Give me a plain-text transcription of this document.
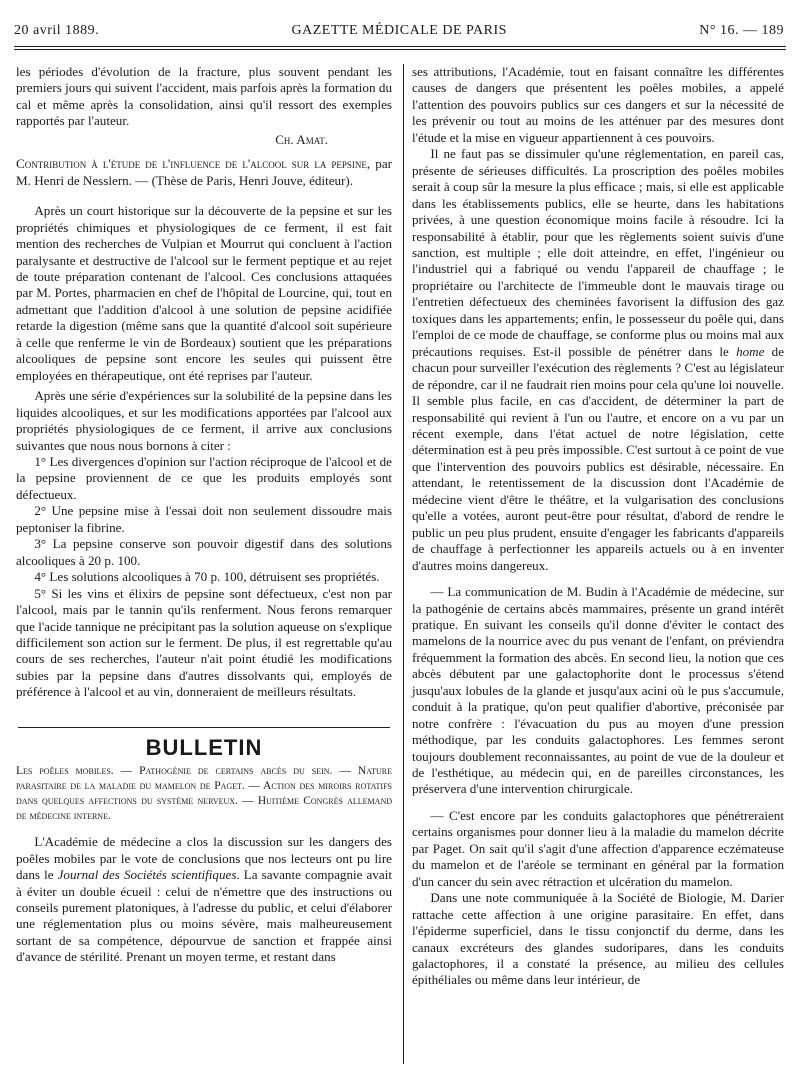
20 avril 1889.	GAZETTE MÉDICALE DE PARIS	N° 16. — 189

les périodes d'évolution de la fracture, plus souvent pendant les premiers jours qui suivent l'accident, mais parfois après la formation du cal et même après la consolidation, ainsi qu'il ressort des exemples rapportés par l'auteur.

Ch. Amat.

Contribution à l'étude de l'influence de l'alcool sur la pepsine, par M. Henri de Nesslern. — (Thèse de Paris, Henri Jouve, éditeur).

Après un court historique sur la découverte de la pepsine et sur les propriétés chimiques et physiologiques de ce ferment, il est fait mention des recherches de Vulpian et Mourrut qui concluent à l'action paralysante et destructive de l'alcool sur le ferment peptique et au rejet de toute préparation contenant de l'alcool. Ces conclusions attaquées par M. Portes, pharmacien en chef de l'hôpital de Lourcine, qui, tout en admettant que l'addition d'alcool à une solution de pepsine acidifiée retarde la digestion (même sans que la quantité d'alcool soit supérieure à celle que renferme le vin de Bordeaux) soutient que les préparations alcooliques de pepsine sont encore les seules qui puissent être employées en thérapeutique, ont été reprises par l'auteur.

Après une série d'expériences sur la solubilité de la pepsine dans les liquides alcooliques, et sur les modifications apportées par l'alcool aux propriétés physiologiques de ce ferment, il arrive aux conclusions suivantes que nous nous bornons à citer :

1° Les divergences d'opinion sur l'action réciproque de l'alcool et de la pepsine proviennent de ce que les produits employés sont défectueux.

2° Une pepsine mise à l'essai doit non seulement dissoudre mais peptoniser la fibrine.

3° La pepsine conserve son pouvoir digestif dans des solutions alcooliques à 20 p. 100.

4° Les solutions alcooliques à 70 p. 100, détruisent ses propriétés.

5° Si les vins et élixirs de pepsine sont défectueux, c'est non par l'alcool, mais par le tannin qu'ils renferment. Nous ferons remarquer que l'acide tannique ne précipitant pas la solution aqueuse on s'explique difficilement son action sur le ferment. De plus, il est regrettable qu'au cours de ses recherches, l'auteur n'ait point étudié les modifications subies par la pepsine dans d'autres dissolvants qui, employés de préférence à l'alcool et au vin, donneraient de meilleurs résultats.

BULLETIN

Les poêles mobiles. — Pathogénie de certains abcès du sein. — Nature parasitaire de la maladie du mamelon de Paget. — Action des miroirs rotatifs dans quelques affections du système nerveux. — Huitième Congrès allemand de médecine interne.

L'Académie de médecine a clos la discussion sur les dangers des poêles mobiles par le vote de conclusions que nos lecteurs ont pu lire dans le Journal des Sociétés scientifiques. La savante compagnie avait à éviter un double écueil : celui de n'émettre que des instructions ou conseils purement platoniques, à l'adresse du public, et celui d'élaborer une réglementation plus ou moins sévère, mais malheureusement sortant de sa compétence, dépourvue de sanction et frappée ainsi d'avance de stérilité. Prenant un moyen terme, et restant dans

ses attributions, l'Académie, tout en faisant connaître les différentes causes de dangers que présentent les poêles mobiles, a appelé l'attention des pouvoirs publics sur ces dangers et sur la nécessité de les prévenir ou tout au moins de les atténuer par des mesures dont l'étude et la mise en vigueur appartiennent à ces pouvoirs.

Il ne faut pas se dissimuler qu'une réglementation, en pareil cas, présente de sérieuses difficultés. La proscription des poêles mobiles serait à coup sûr la mesure la plus efficace ; mais, si elle est applicable dans les établissements publics, elle se heurte, dans les habitations privées, à une question économique moins facile à résoudre. Ici la responsabilité à établir, pour que les règlements soient suivis d'une sanction, est multiple ; elle doit atteindre, en effet, l'ingénieur ou l'industriel qui a fabriqué ou vendu l'appareil de chauffage ; le propriétaire ou l'architecte de l'immeuble dont le mauvais tirage ou l'entretien défectueux des cheminées favorisent la diffusion des gaz toxiques dans les appartements; enfin, le possesseur du poêle qui, dans l'emploi de ce mode de chauffage, se conforme plus ou moins mal aux précautions requises. Est-il possible de pénétrer dans le home de chacun pour surveiller l'exécution des règlements ? C'est au législateur de répondre, car il ne faudrait rien moins pour cela qu'une loi nouvelle. Il semble plus facile, en cas d'accident, de déterminer la part de responsabilité qui revient à l'un ou l'autre, et encore on a vu par un récent exemple, dans l'état actuel de notre législation, cette détermination est à peu près impossible. C'est surtout à ce point de vue que l'intervention des pouvoirs publics est désirable, nécessaire. En attendant, le retentissement de la discussion dont l'Académie de médecine vient d'être le théâtre, et la vulgarisation des conclusions qu'elle a votées, auront peut-être pour résultat, d'abord de rendre le public un peu plus prudent, ensuite d'engager les fabricants d'appareils de chauffage à perfectionner les appareils actuels ou à en inventer d'autres moins dangereux.

— La communication de M. Budin à l'Académie de médecine, sur la pathogénie de certains abcès mammaires, présente un grand intérêt pratique. En suivant les conseils qu'il donne d'éviter le contact des mamelons de la nourrice avec du pus venant de l'enfant, on préviendra fréquemment la formation des abcès. En second lieu, la notion que ces abcès débutent par une galactophorite dont le processus s'étend jusqu'aux lobules de la glande et jusqu'aux acini où le pus s'accumule, conduit à la pratique, qu'on peut qualifier d'abortive, préconisée par notre confrère : l'évacuation du pus au moyen d'une pression méthodique, par les conduits galactophores. Les femmes seront toujours doublement reconnaissantes, au point de vue de la douleur et de l'esthétique, au médecin qui, en de pareilles circonstances, les préservera d'une intervention chirurgicale.

— C'est encore par les conduits galactophores que pénétreraient certains organismes pour donner lieu à la maladie du mamelon décrite par Paget. On sait qu'il s'agit d'une affection d'apparence eczémateuse du mamelon et de l'aréole se terminant en général par la formation d'un cancer du sein avec rétraction et ulcération du mamelon.

Dans une note communiquée à la Société de Biologie, M. Darier rattache cette affection à une origine parasitaire. En effet, dans l'épiderme superficiel, dans le tissu conjonctif du derme, dans les canaux excréteurs des glandes sudoripares, dans les conduits galactophores, il a constaté la présence, au milieu des cellules épithéliales ou même dans leur intérieur, de
